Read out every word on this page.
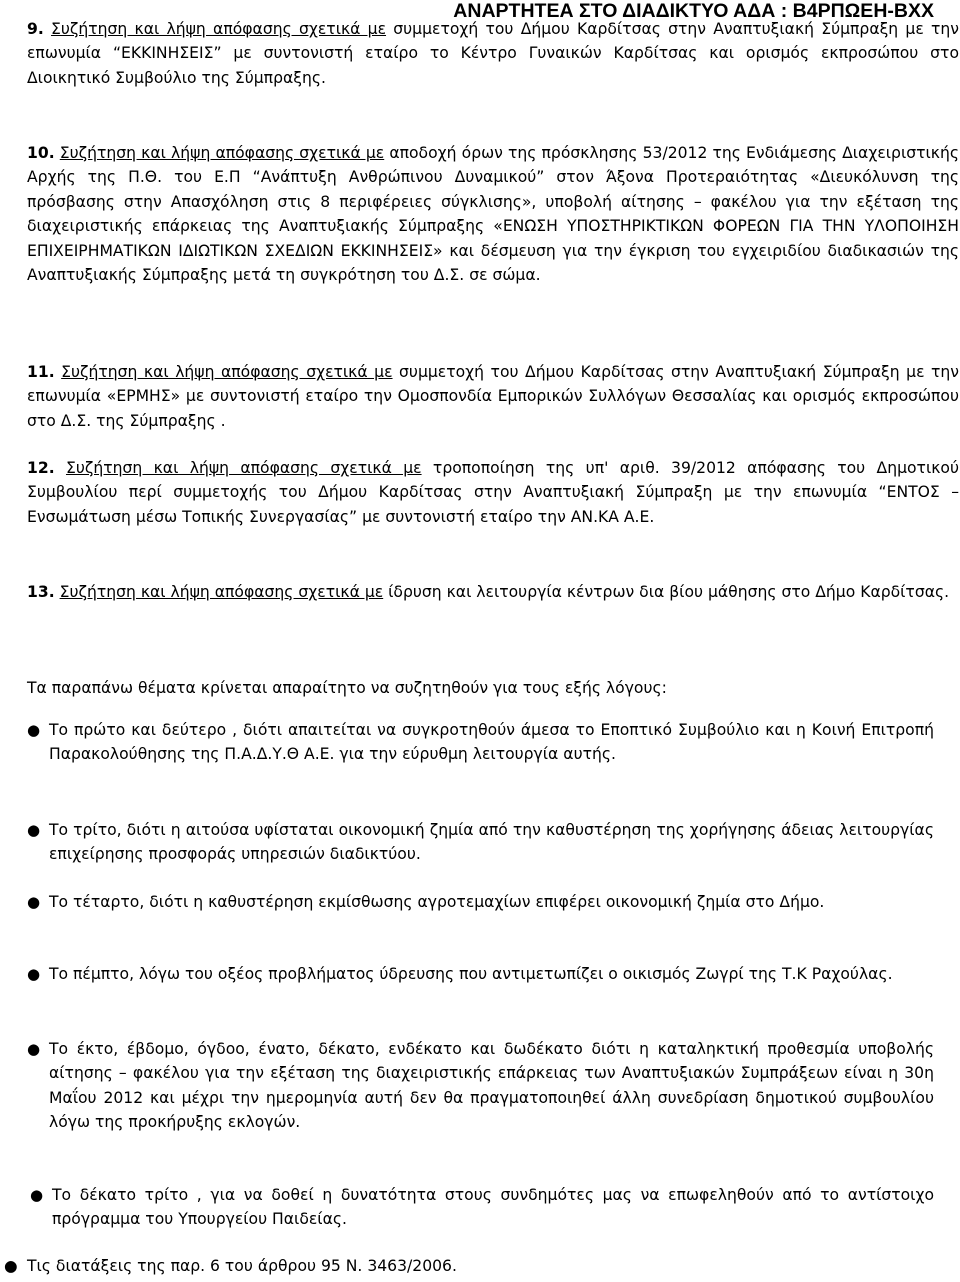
ΑΝΑΡΤΗΤΕΑ ΣΤΟ ΔΙΑΔΙΚΤΥΟ ΑΔΑ : Β4ΡΠΩΕΗ-ΒΧΧ

9. Συζήτηση και λήψη απόφασης σχετικά με συμμετοχή του Δήμου Καρδίτσας στην Αναπτυξιακή Σύμπραξη με την επωνυμία “ΕΚΚΙΝΗΣΕΙΣ” με συντονιστή εταίρο το Κέντρο Γυναικών Καρδίτσας και ορισμός εκπροσώπου στο Διοικητικό Συμβούλιο της Σύμπραξης.

10. Συζήτηση και λήψη απόφασης σχετικά με αποδοχή όρων της πρόσκλησης 53/2012 της Ενδιάμεσης Διαχειριστικής Αρχής της Π.Θ. του Ε.Π “Ανάπτυξη Ανθρώπινου Δυναμικού” στον Άξονα Προτεραιότητας «Διευκόλυνση της πρόσβασης στην Απασχόληση στις 8 περιφέρειες σύγκλισης», υποβολή αίτησης – φακέλου για την εξέταση της διαχειριστικής επάρκειας της Αναπτυξιακής Σύμπραξης «ΕΝΩΣΗ ΥΠΟΣΤΗΡΙΚΤΙΚΩΝ ΦΟΡΕΩΝ ΓΙΑ ΤΗΝ ΥΛΟΠΟΙΗΣΗ ΕΠΙΧΕΙΡΗΜΑΤΙΚΩΝ ΙΔΙΩΤΙΚΩΝ ΣΧΕΔΙΩΝ ΕΚΚΙΝΗΣΕΙΣ» και δέσμευση για την έγκριση του εγχειριδίου διαδικασιών της Αναπτυξιακής Σύμπραξης μετά τη συγκρότηση του Δ.Σ. σε σώμα.

11. Συζήτηση και λήψη απόφασης σχετικά με συμμετοχή του Δήμου Καρδίτσας στην Αναπτυξιακή Σύμπραξη με την επωνυμία «ΕΡΜΗΣ» με συντονιστή εταίρο την Ομοσπονδία Εμπορικών Συλλόγων Θεσσαλίας και ορισμός εκπροσώπου στο Δ.Σ. της Σύμπραξης .

12. Συζήτηση και λήψη απόφασης σχετικά με τροποποίηση της υπ' αριθ. 39/2012 απόφασης του Δημοτικού Συμβουλίου περί συμμετοχής του Δήμου Καρδίτσας στην Αναπτυξιακή Σύμπραξη με την επωνυμία “ΕΝΤΟΣ – Ενσωμάτωση μέσω Τοπικής Συνεργασίας” με συντονιστή εταίρο την ΑΝ.ΚΑ Α.Ε.

13. Συζήτηση και λήψη απόφασης σχετικά με ίδρυση και λειτουργία κέντρων δια βίου μάθησης στο Δήμο Καρδίτσας.

Τα παραπάνω θέματα κρίνεται απαραίτητο να συζητηθούν για τους εξής λόγους:

● Το πρώτο και δεύτερο , διότι απαιτείται να συγκροτηθούν άμεσα το Εποπτικό Συμβούλιο και η Κοινή Επιτροπή Παρακολούθησης της Π.Α.Δ.Υ.Θ Α.Ε. για την εύρυθμη λειτουργία αυτής.
● Το τρίτο, διότι η αιτούσα υφίσταται οικονομική ζημία από την καθυστέρηση της χορήγησης άδειας λειτουργίας επιχείρησης προσφοράς υπηρεσιών διαδικτύου.
● Το τέταρτο, διότι η καθυστέρηση εκμίσθωσης αγροτεμαχίων επιφέρει οικονομική ζημία στο Δήμο.
● Το πέμπτο, λόγω του οξέος προβλήματος ύδρευσης που αντιμετωπίζει ο οικισμός Ζωγρί της Τ.Κ Ραχούλας.
● Το έκτο, έβδομο, όγδοο, ένατο, δέκατο, ενδέκατο και δωδέκατο διότι η καταληκτική προθεσμία υποβολής αίτησης – φακέλου για την εξέταση της διαχειριστικής επάρκειας των Αναπτυξιακών Συμπράξεων είναι η 30η Μαΐου 2012 και μέχρι την ημερομηνία αυτή δεν θα πραγματοποιηθεί άλλη συνεδρίαση δημοτικού συμβουλίου λόγω της προκήρυξης εκλογών.
● Το δέκατο τρίτο , για να δοθεί η δυνατότητα στους συνδημότες μας να επωφεληθούν από το αντίστοιχο πρόγραμμα του Υπουργείου Παιδείας.

● Τις διατάξεις της παρ. 6 του άρθρου 95 Ν. 3463/2006.
